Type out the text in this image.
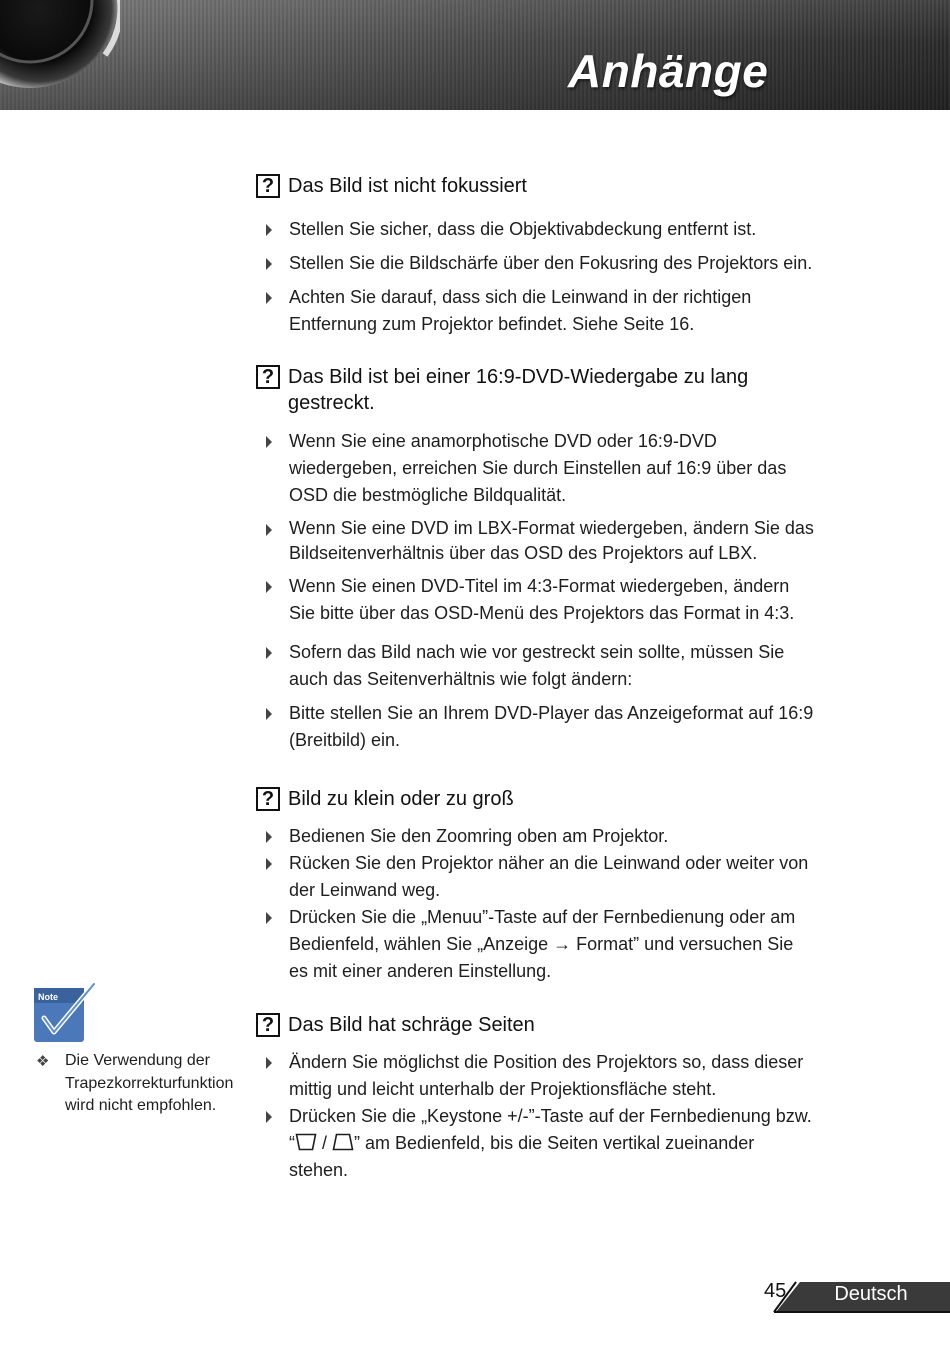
Anhänge
? Das Bild ist nicht fokussiert
Stellen Sie sicher, dass die Objektivabdeckung entfernt ist.
Stellen Sie die Bildschärfe über den Fokusring des Projektors ein.
Achten Sie darauf, dass sich die Leinwand in der richtigen
Entfernung zum Projektor befindet. Siehe Seite 16.
? Das Bild ist bei einer 16:9-DVD-Wiedergabe zu lang
gestreckt.
Wenn Sie eine anamorphotische DVD oder 16:9-DVD
wiedergeben, erreichen Sie durch Einstellen auf 16:9 über das
OSD die bestmögliche Bildqualität.
Wenn Sie eine DVD im LBX-Format wiedergeben, ändern Sie das
Bildseitenverhältnis über das OSD des Projektors auf LBX.
Wenn Sie einen DVD-Titel im 4:3-Format wiedergeben, ändern
Sie bitte über das OSD-Menü des Projektors das Format in 4:3.
Sofern das Bild nach wie vor gestreckt sein sollte, müssen Sie
auch das Seitenverhältnis wie folgt ändern:
Bitte stellen Sie an Ihrem DVD-Player das Anzeigeformat auf 16:9
(Breitbild) ein.
? Bild zu klein oder zu groß
Bedienen Sie den Zoomring oben am Projektor.
Rücken Sie den Projektor näher an die Leinwand oder weiter von
der Leinwand weg.
Drücken Sie die „Menuu”-Taste auf der Fernbedienung oder am
Bedienfeld, wählen Sie „Anzeige → Format” und versuchen Sie
es mit einer anderen Einstellung.
? Das Bild hat schräge Seiten
Ändern Sie möglichst die Position des Projektors so, dass dieser
mittig und leicht unterhalb der Projektionsfläche steht.
Drücken Sie die „Keystone +/-”-Taste auf der Fernbedienung bzw.
“ / ” am Bedienfeld, bis die Seiten vertikal zueinander
stehen.
Note
❖ Die Verwendung der
Trapezkorrekturfunktion
wird nicht empfohlen.
45	Deutsch
